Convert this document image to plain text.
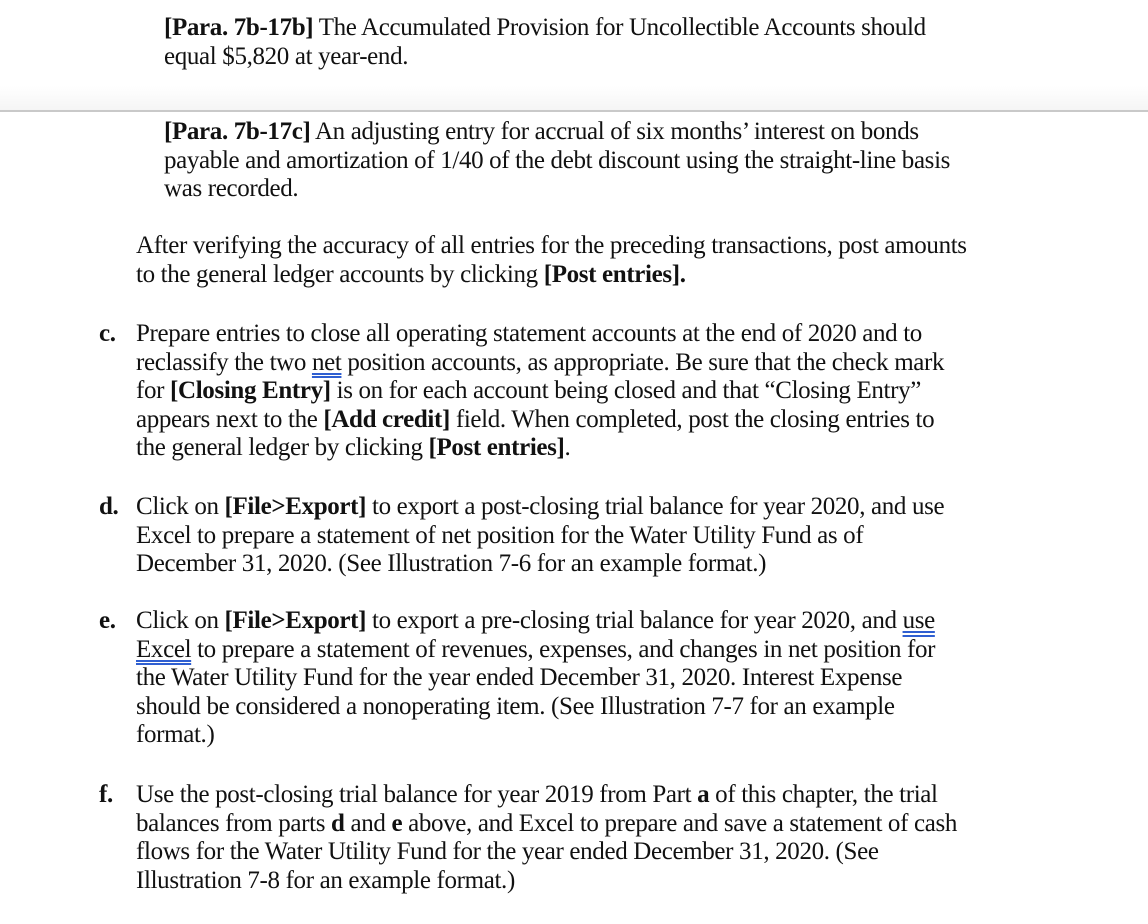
[Para. 7b-17b] The Accumulated Provision for Uncollectible Accounts should
equal $5,820 at year-end.
[Para. 7b-17c] An adjusting entry for accrual of six months’ interest on bonds
payable and amortization of 1/40 of the debt discount using the straight-line basis
was recorded.
After verifying the accuracy of all entries for the preceding transactions, post amounts
to the general ledger accounts by clicking [Post entries].
c. Prepare entries to close all operating statement accounts at the end of 2020 and to
reclassify the two net position accounts, as appropriate. Be sure that the check mark
for [Closing Entry] is on for each account being closed and that “Closing Entry”
appears next to the [Add credit] field. When completed, post the closing entries to
the general ledger by clicking [Post entries].
d. Click on [File>Export] to export a post-closing trial balance for year 2020, and use
Excel to prepare a statement of net position for the Water Utility Fund as of
December 31, 2020. (See Illustration 7-6 for an example format.)
e. Click on [File>Export] to export a pre-closing trial balance for year 2020, and use
Excel to prepare a statement of revenues, expenses, and changes in net position for
the Water Utility Fund for the year ended December 31, 2020. Interest Expense
should be considered a nonoperating item. (See Illustration 7-7 for an example
format.)
f. Use the post-closing trial balance for year 2019 from Part a of this chapter, the trial
balances from parts d and e above, and Excel to prepare and save a statement of cash
flows for the Water Utility Fund for the year ended December 31, 2020. (See
Illustration 7-8 for an example format.)
